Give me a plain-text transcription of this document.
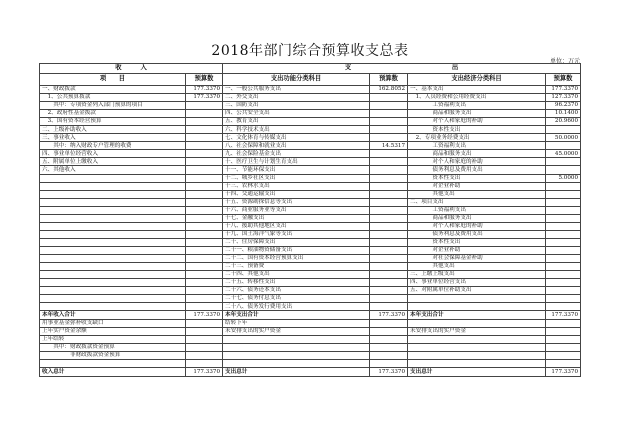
2018年部门综合预算收支总表
单位：万元
收　　　入		支　　　　　　　　　　　　　　　　出			
项　　目	预算数	支出功能分类科目	预算数	支出经济分类科目	预算数
一、财政拨款	177.3370	一、一般公共服务支出	162.8052	一、基本支出	177.3370
　1、公共预算拨款	177.3370	二、外交支出		　1、人员经费和公用经费支出	127.3370
　　其中：专项资金列入部门预算的项目		三、国防支出		　　　　工资福利支出	96.2370
　2、政府性基金拨款		四、公共安全支出		　　　　商品和服务支出	10.1400
　3、国有资本经营预算		五、教育支出		　　　　对个人和家庭的补助	20.9600
二、上级补助收入		六、科学技术支出		　　　　资本性支出	
三、事业收入		七、文化体育与传媒支出		　2、专项业务经费支出	50.0000
　　其中：纳入财政专户管理的收费		八、社会保障和就业支出	14.5317	　　　　工资福利支出	
四、事业单位经营收入		九、社会保险基金支出		　　　　商品和服务支出	45.0000
五、附属单位上缴收入		十、医疗卫生与计划生育支出		　　　　对个人和家庭的补助	
六、其他收入		十一、节能环保支出		　　　　债务利息及费用支出	
		十二、城乡社区支出		　　　　资本性支出	5.0000
		十三、农林水支出		　　　　对企业补助	
		十四、交通运输支出		　　　　其他支出	
		十五、资源勘探信息等支出		二、项目支出	
		十六、商业服务业等支出		　　　　工资福利支出	
		十七、金融支出		　　　　商品和服务支出	
		十八、援助其他地区支出		　　　　对个人和家庭的补助	
		十九、国土海洋气象等支出		　　　　债务利息及费用支出	
		二十、住房保障支出		　　　　资本性支出	
		二十一、粮油物资储备支出		　　　　对企业补助	
		二十二、国有资本经营预算支出		　　　　对社会保障基金补助	
		二十三、预备费		　　　　其他支出	
		二十四、其他支出		三、上缴上级支出	
		二十五、转移性支出		四、事业单位经营支出	
		二十六、债务还本支出		五、对附属单位补助支出	
		二十七、债务付息支出			
		二十八、债务发行费用支出			
本年收入合计	177.3370	本年支出合计	177.3370	本年支出合计	177.3370
用事业基金弥补收支缺口		结转下年			
上年实户资金余额		未安排支出的实户资金		未安排支出的实户资金	
上年结转					
　　其中：财政拨款资金预算					
　　　　　非财政拨款资金预算					

收入总计	177.3370	支出总计	177.3370	支出总计	177.3370
